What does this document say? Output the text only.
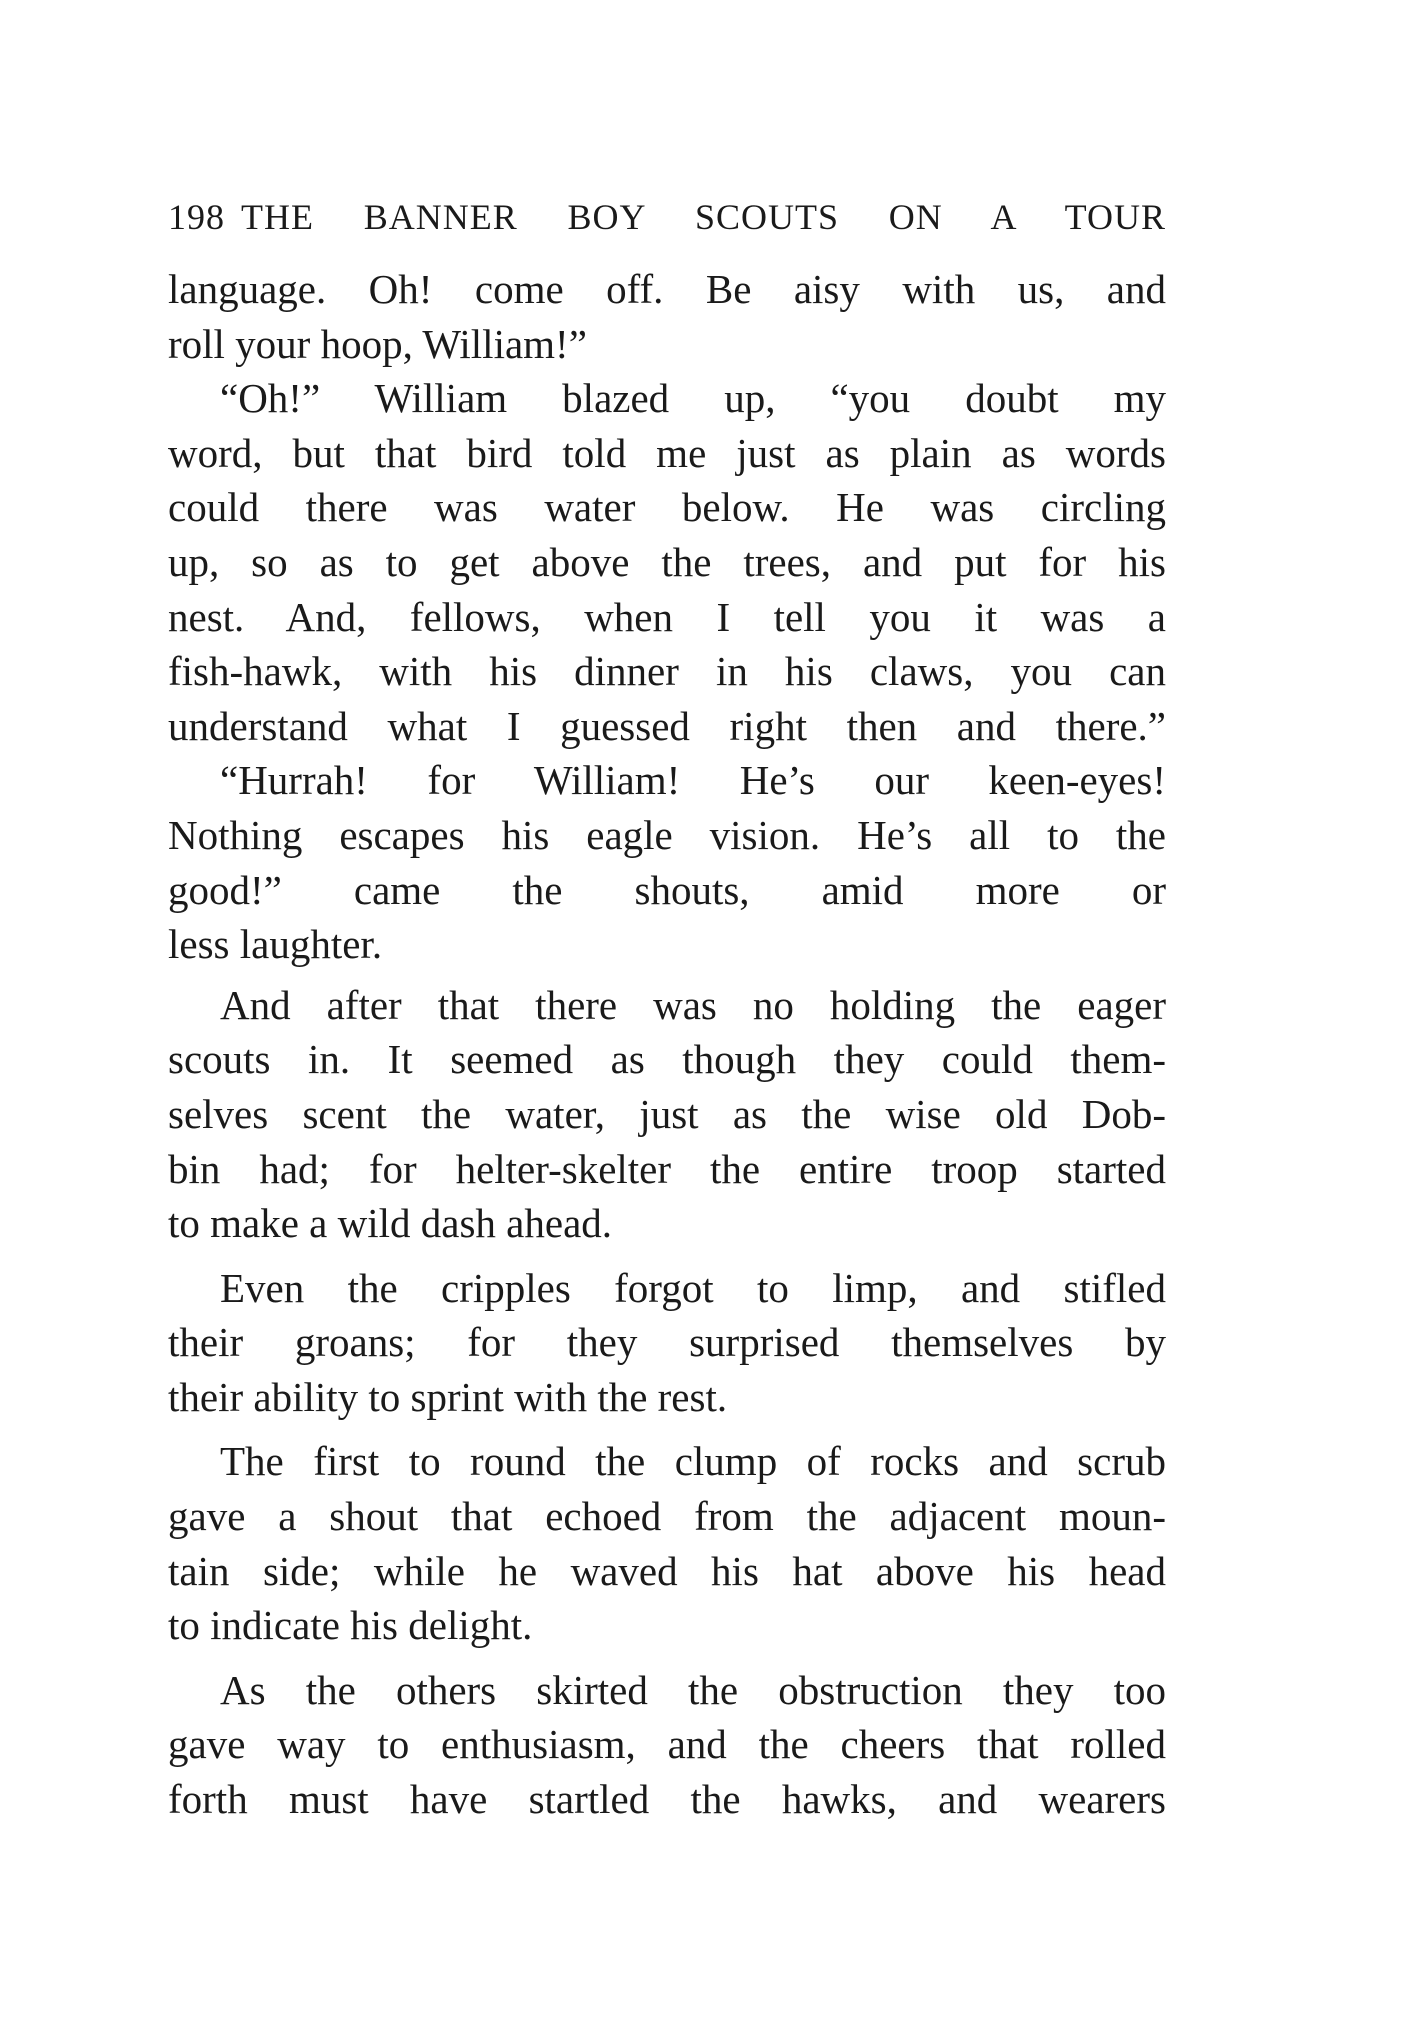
198 THE BANNER BOY SCOUTS ON A TOUR

language. Oh! come off. Be aisy with us, and
roll your hoop, William!”

“Oh!” William blazed up, “you doubt my
word, but that bird told me just as plain as words
could there was water below. He was circling
up, so as to get above the trees, and put for his
nest. And, fellows, when I tell you it was a
fish-hawk, with his dinner in his claws, you can
understand what I guessed right then and there.”

“Hurrah! for William! He’s our keen-eyes!
Nothing escapes his eagle vision. He’s all to the
good!” came the shouts, amid more or
less laughter.

And after that there was no holding the eager
scouts in. It seemed as though they could them-
selves scent the water, just as the wise old Dob-
bin had; for helter-skelter the entire troop started
to make a wild dash ahead.

Even the cripples forgot to limp, and stifled
their groans; for they surprised themselves by
their ability to sprint with the rest.

The first to round the clump of rocks and scrub
gave a shout that echoed from the adjacent moun-
tain side; while he waved his hat above his head
to indicate his delight.

As the others skirted the obstruction they too
gave way to enthusiasm, and the cheers that rolled
forth must have startled the hawks, and wearers
